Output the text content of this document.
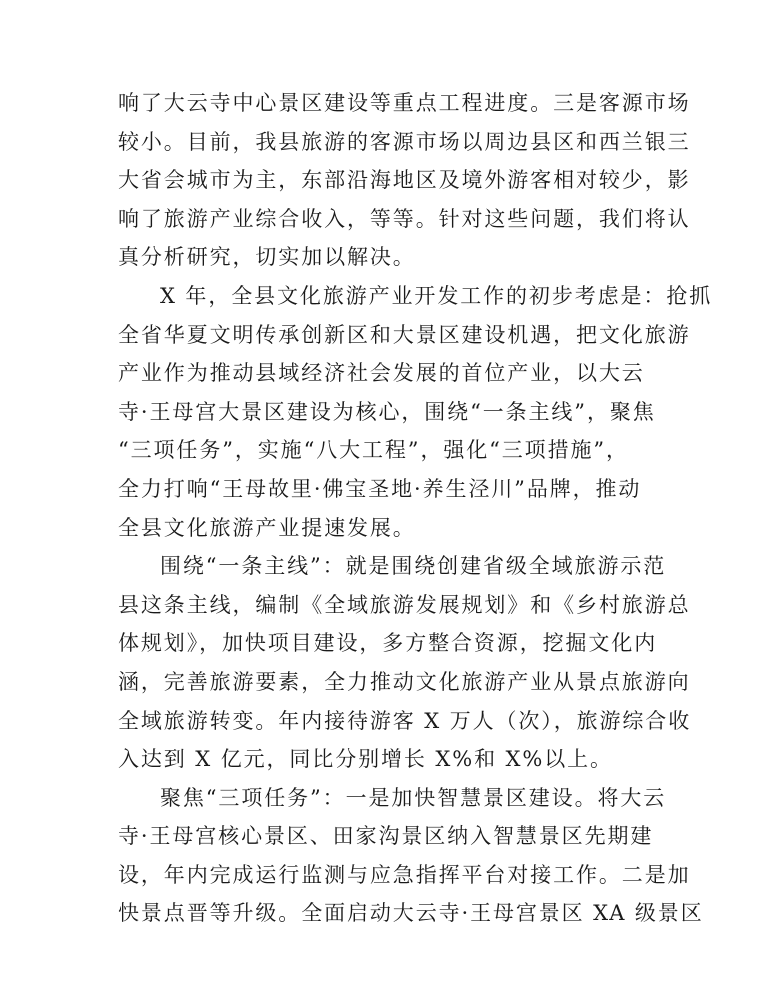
响了大云寺中心景区建设等重点工程进度。三是客源市场
较小。目前，我县旅游的客源市场以周边县区和西兰银三
大省会城市为主，东部沿海地区及境外游客相对较少，影
响了旅游产业综合收入，等等。针对这些问题，我们将认
真分析研究，切实加以解决。
X 年，全县文化旅游产业开发工作的初步考虑是：抢抓
全省华夏文明传承创新区和大景区建设机遇，把文化旅游
产业作为推动县域经济社会发展的首位产业，以大云
寺·王母宫大景区建设为核心，围绕“一条主线”，聚焦
“三项任务”，实施“八大工程”，强化“三项措施”，
全力打响“王母故里·佛宝圣地·养生泾川”品牌，推动
全县文化旅游产业提速发展。
围绕“一条主线”：就是围绕创建省级全域旅游示范
县这条主线，编制《全域旅游发展规划》和《乡村旅游总
体规划》，加快项目建设，多方整合资源，挖掘文化内
涵，完善旅游要素，全力推动文化旅游产业从景点旅游向
全域旅游转变。年内接待游客 X 万人（次），旅游综合收
入达到 X 亿元，同比分别增长 X%和 X%以上。
聚焦“三项任务”：一是加快智慧景区建设。将大云
寺·王母宫核心景区、田家沟景区纳入智慧景区先期建
设，年内完成运行监测与应急指挥平台对接工作。二是加
快景点晋等升级。全面启动大云寺·王母宫景区 XA 级景区
